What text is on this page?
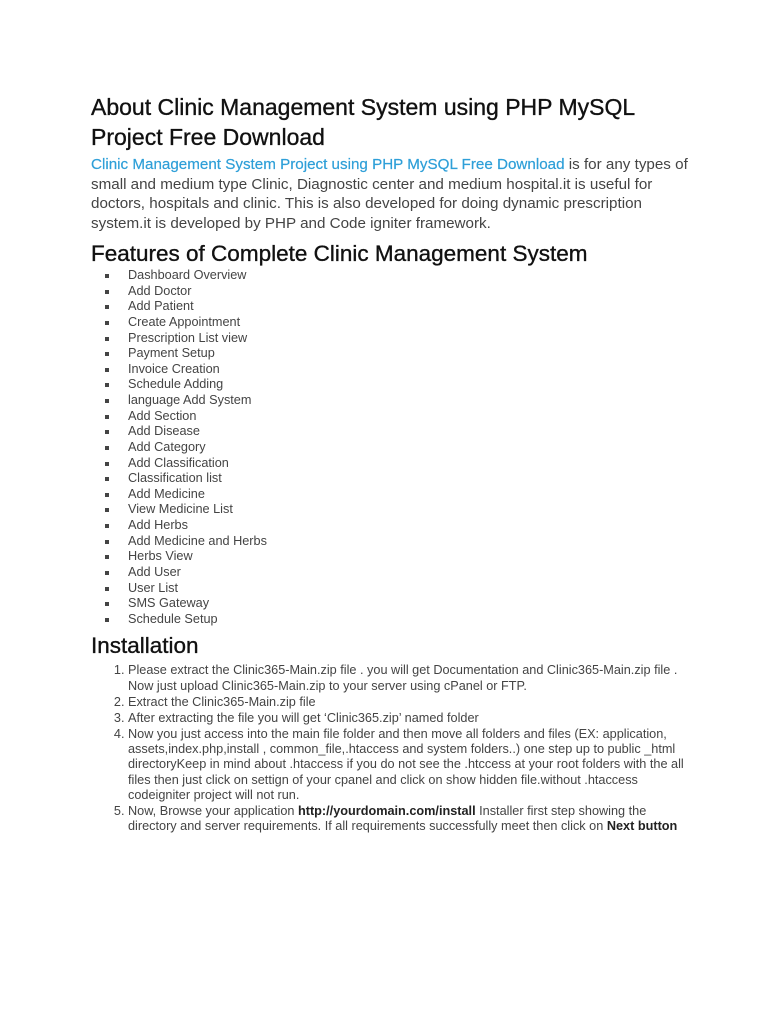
About Clinic Management System using PHP MySQL Project Free Download

Clinic Management System Project using PHP MySQL Free Download is for any types of small and medium type Clinic, Diagnostic center and medium hospital.it is useful for doctors, hospitals and clinic. This is also developed for doing dynamic prescription system.it is developed by PHP and Code igniter framework.

Features of Complete Clinic Management System
Dashboard Overview
Add Doctor
Add Patient
Create Appointment
Prescription List view
Payment Setup
Invoice Creation
Schedule Adding
language Add System
Add Section
Add Disease
Add Category
Add Classification
Classification list
Add Medicine
View Medicine List
Add Herbs
Add Medicine and Herbs
Herbs View
Add User
User List
SMS Gateway
Schedule Setup
Installation
1. Please extract the Clinic365-Main.zip file . you will get Documentation and Clinic365-Main.zip file . Now just upload Clinic365-Main.zip to your server using cPanel or FTP.
2. Extract the Clinic365-Main.zip file
3. After extracting the file you will get ‘Clinic365.zip’ named folder
4. Now you just access into the main file folder and then move all folders and files (EX: application, assets,index.php,install , common_file,.htaccess and system folders..) one step up to public _html directoryKeep in mind about .htaccess if you do not see the .htccess at your root folders with the all files then just click on settign of your cpanel and click on show hidden file.without .htaccess codeigniter project will not run.
5. Now, Browse your application http://yourdomain.com/install Installer first step showing the directory and server requirements. If all requirements successfully meet then click on Next button
